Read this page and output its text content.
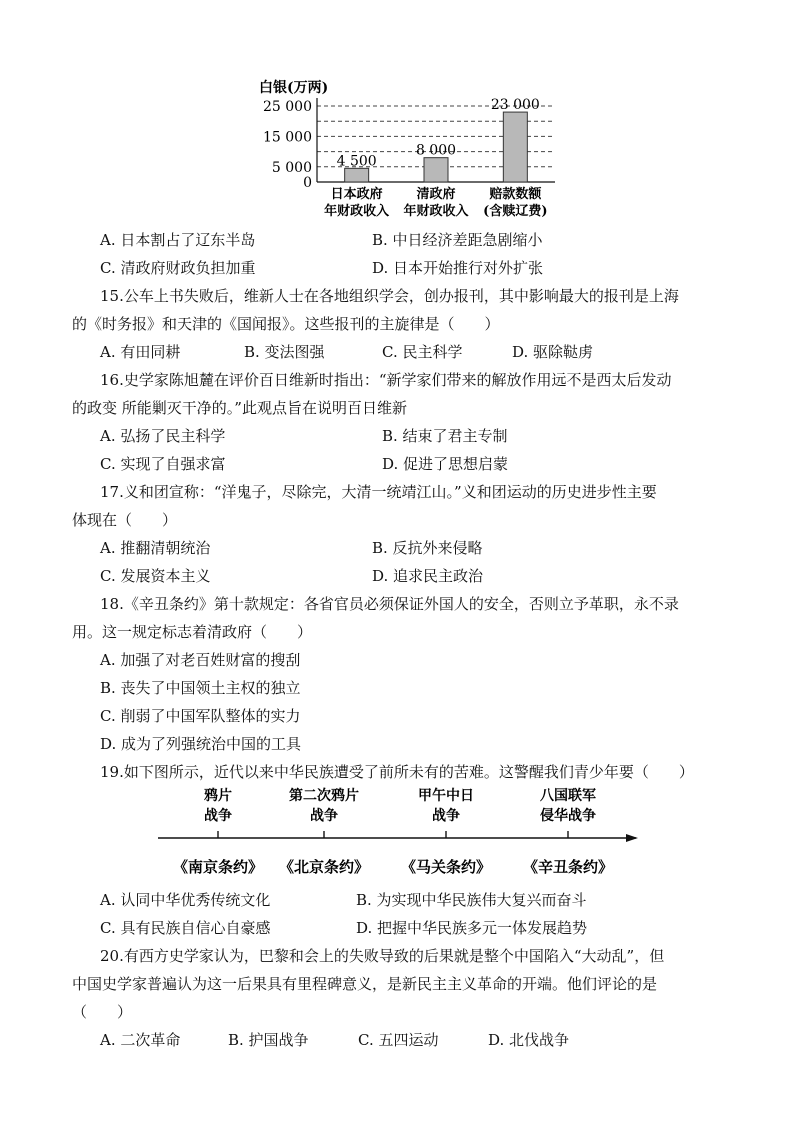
白银(万两)
0
5 000
15 000
25 000
4 500
日本政府
年财政收入
8 000
清政府
年财政收入
23 000
赔款数额
(含赎辽费)
A. 日本割占了辽东半岛	B. 中日经济差距急剧缩小
C. 清政府财政负担加重	D. 日本开始推行对外扩张
15.公车上书失败后，维新人士在各地组织学会，创办报刊，其中影响最大的报刊是上海
的《时务报》和天津的《国闻报》。这些报刊的主旋律是（　　）
A. 有田同耕	B. 变法图强	C. 民主科学	D. 驱除鞑虏
16.史学家陈旭麓在评价百日维新时指出：“新学家们带来的解放作用远不是西太后发动
的政变 所能剿灭干净的。”此观点旨在说明百日维新
A. 弘扬了民主科学	B. 结束了君主专制
C. 实现了自强求富	D. 促进了思想启蒙
17.义和团宣称：“洋鬼子，尽除完，大清一统靖江山。”义和团运动的历史进步性主要
体现在（　　）
A. 推翻清朝统治	B. 反抗外来侵略
C. 发展资本主义	D. 追求民主政治
18.《辛丑条约》第十款规定：各省官员必须保证外国人的安全，否则立予革职，永不录
用。这一规定标志着清政府（　　）
A. 加强了对老百姓财富的搜刮
B. 丧失了中国领土主权的独立
C. 削弱了中国军队整体的实力
D. 成为了列强统治中国的工具
19.如下图所示，近代以来中华民族遭受了前所未有的苦难。这警醒我们青少年要（　　）
鸦片
战争
《南京条约》
第二次鸦片
战争
《北京条约》
甲午中日
战争
《马关条约》
八国联军
侵华战争
《辛丑条约》
A. 认同中华优秀传统文化	B. 为实现中华民族伟大复兴而奋斗
C. 具有民族自信心自豪感	D. 把握中华民族多元一体发展趋势
20.有西方史学家认为，巴黎和会上的失败导致的后果就是整个中国陷入“大动乱”，但
中国史学家普遍认为这一后果具有里程碑意义，是新民主主义革命的开端。他们评论的是
（　　）
A. 二次革命	B. 护国战争	C. 五四运动	D. 北伐战争
